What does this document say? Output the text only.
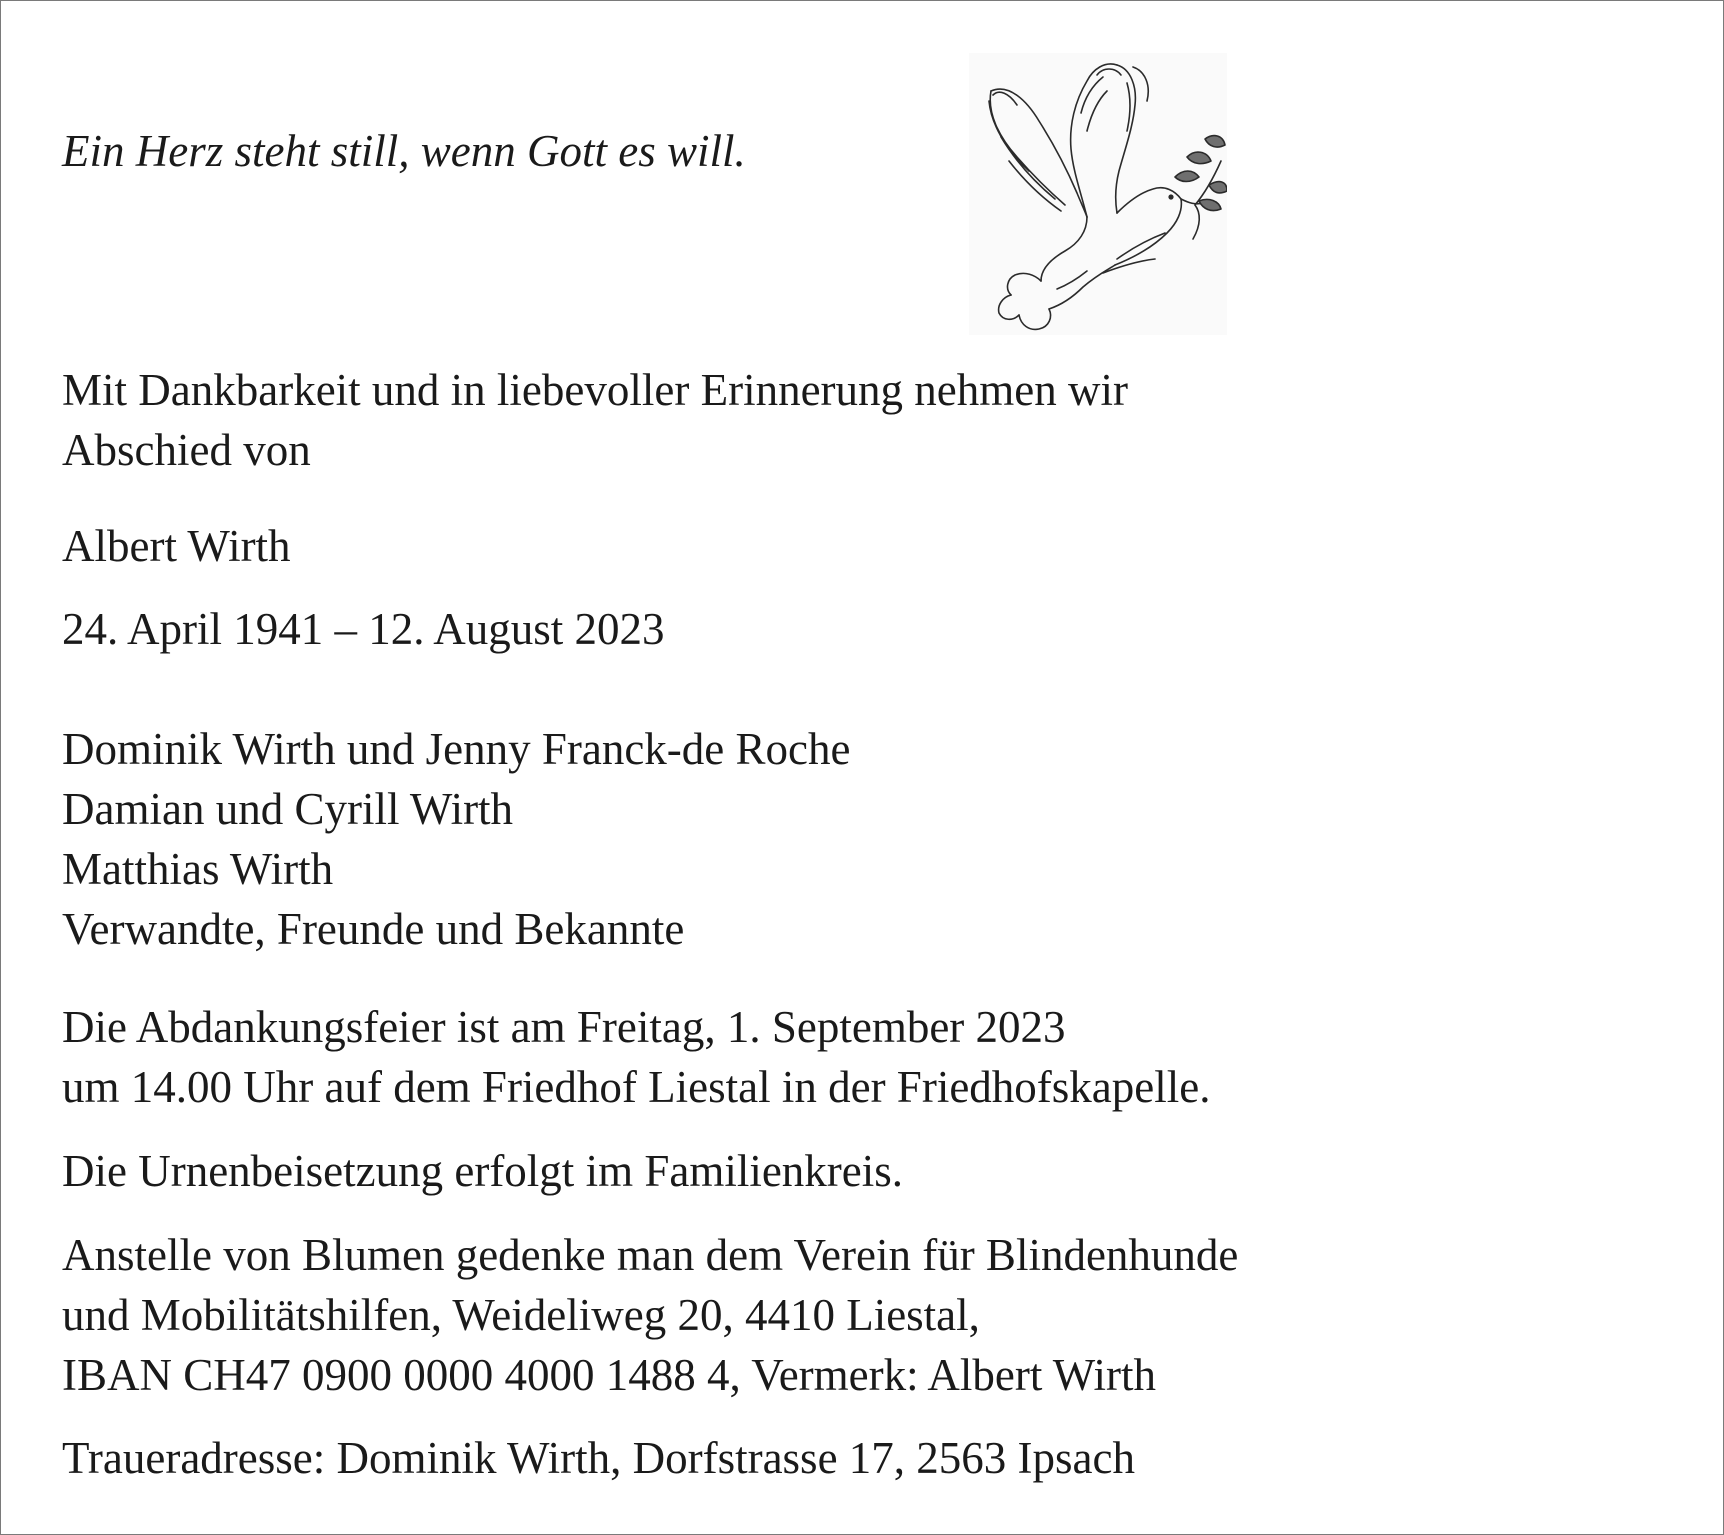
Ein Herz steht still, wenn Gott es will.
Mit Dankbarkeit und in liebevoller Erinnerung nehmen wir
Abschied von
Albert Wirth
24. April 1941 – 12. August 2023
Dominik Wirth und Jenny Franck-de Roche
Damian und Cyrill Wirth
Matthias Wirth
Verwandte, Freunde und Bekannte
Die Abdankungsfeier ist am Freitag, 1. September 2023
um 14.00 Uhr auf dem Friedhof Liestal in der Friedhofskapelle.
Die Urnenbeisetzung erfolgt im Familienkreis.
Anstelle von Blumen gedenke man dem Verein für Blindenhunde
und Mobilitätshilfen, Weideliweg 20, 4410 Liestal,
IBAN CH47 0900 0000 4000 1488 4, Vermerk: Albert Wirth
Traueradresse: Dominik Wirth, Dorfstrasse 17, 2563 Ipsach
